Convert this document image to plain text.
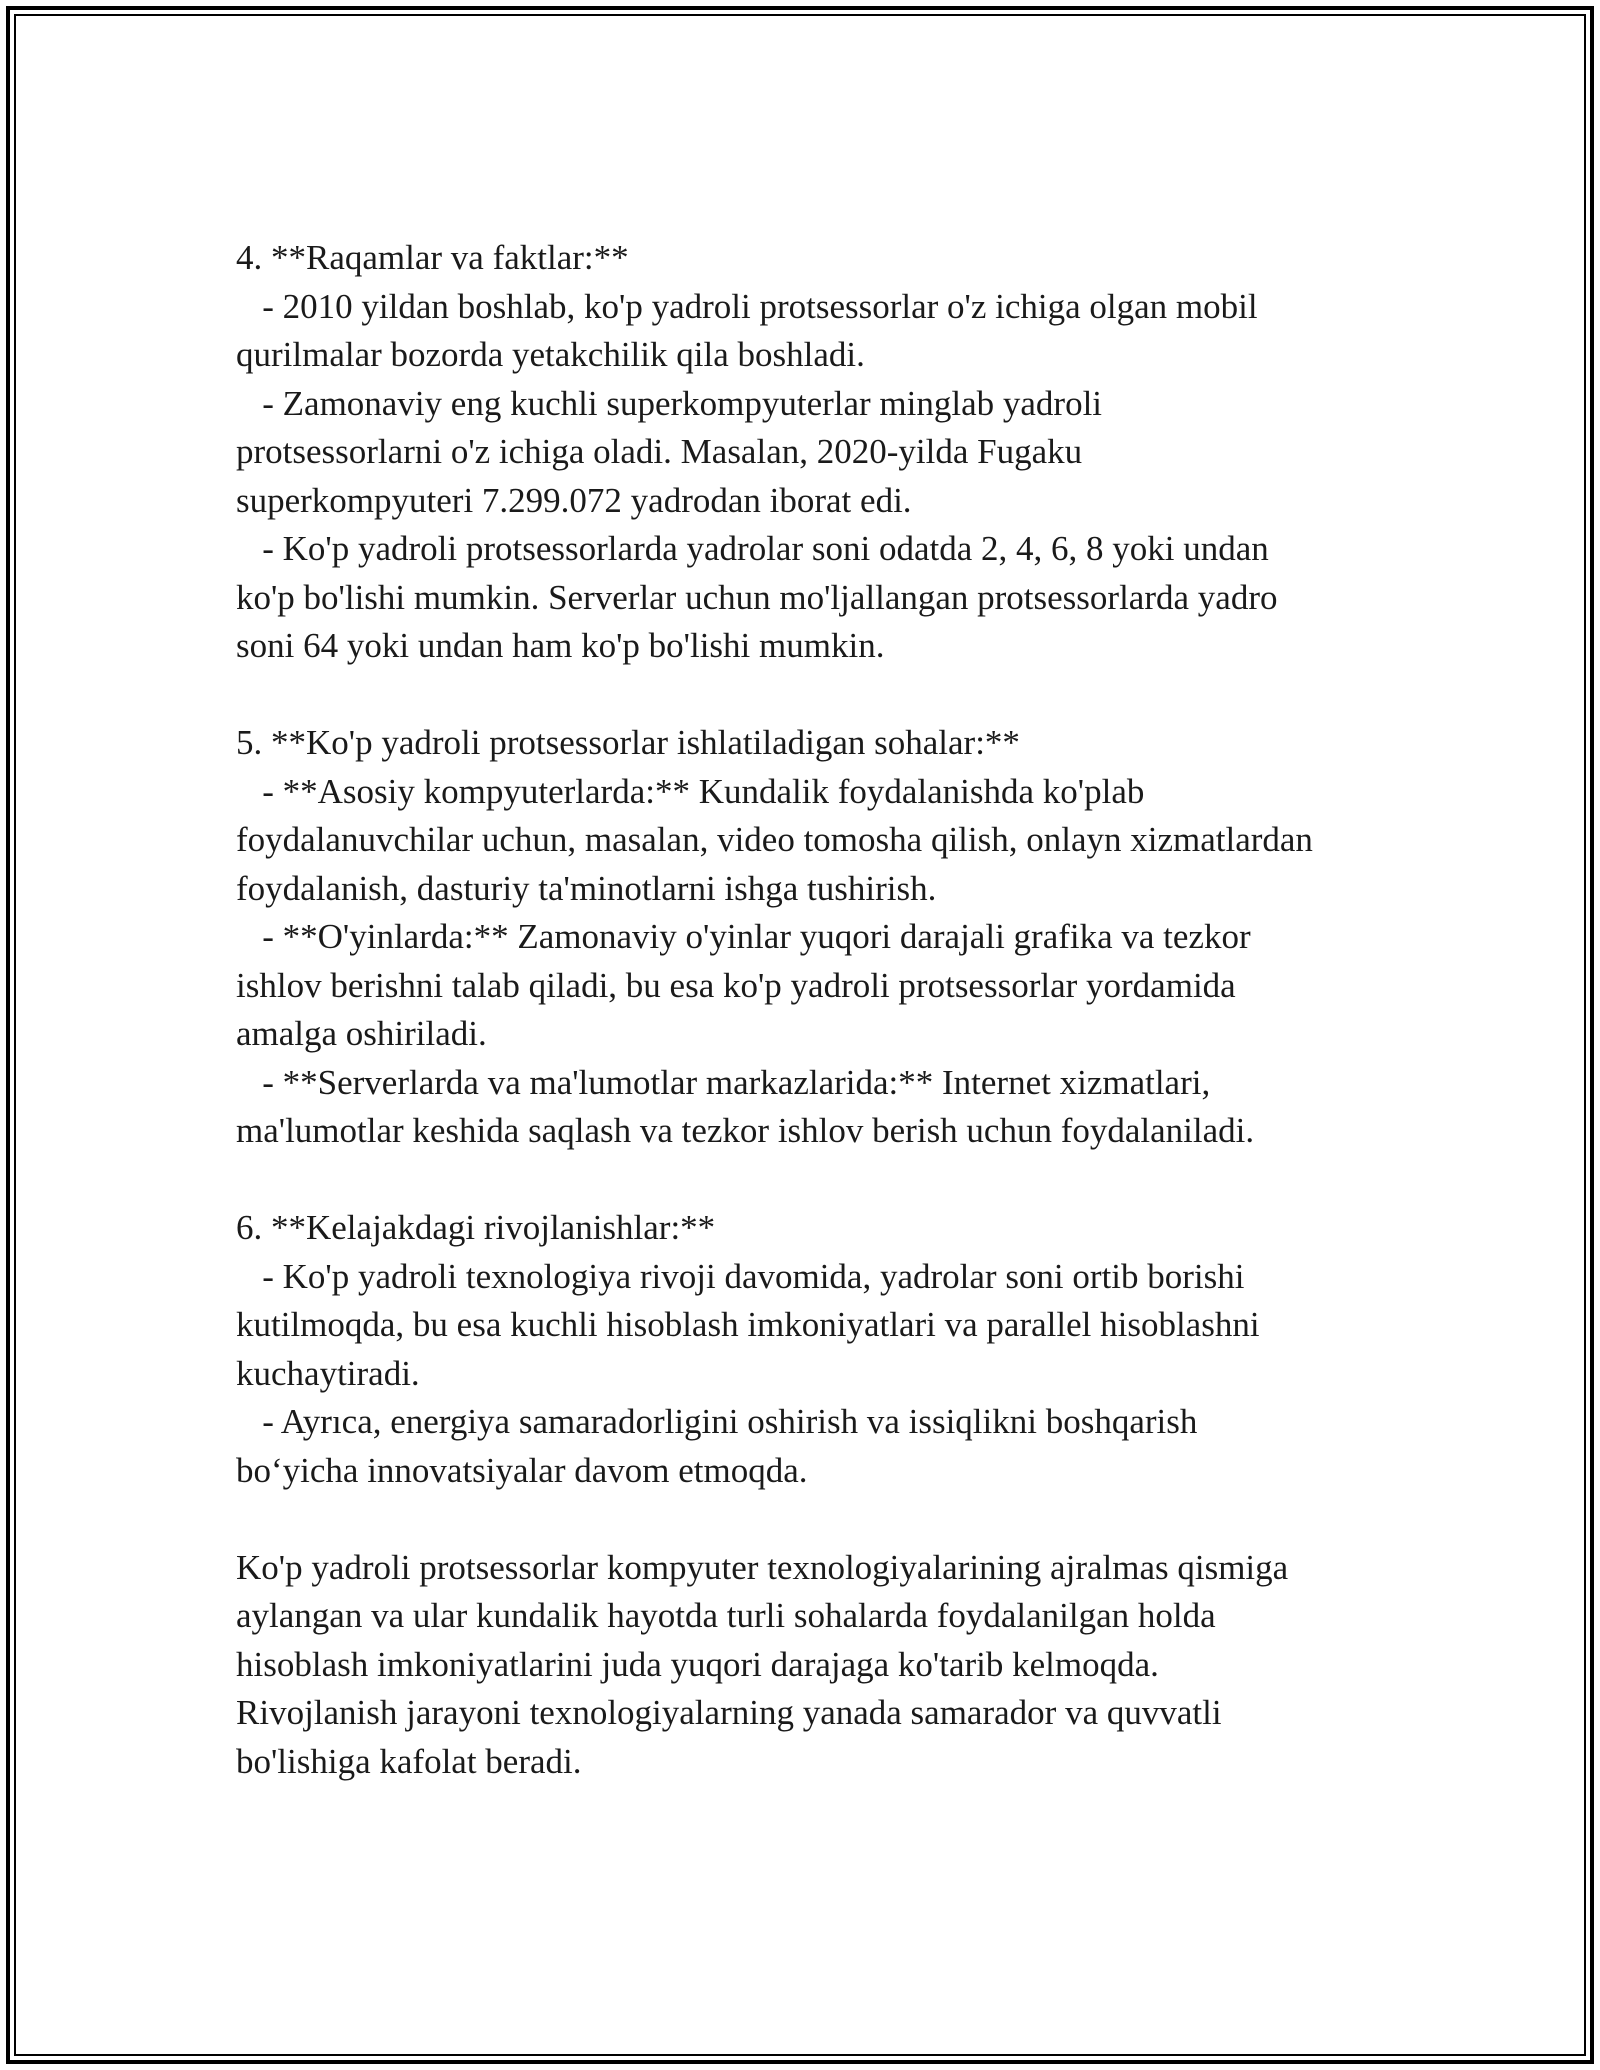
4. **Raqamlar va faktlar:**

- 2010 yildan boshlab, ko'p yadroli protsessorlar o'z ichiga olgan mobil
qurilmalar bozorda yetakchilik qila boshladi.

- Zamonaviy eng kuchli superkompyuterlar minglab yadroli
protsessorlarni o'z ichiga oladi. Masalan, 2020-yilda Fugaku
superkompyuteri 7.299.072 yadrodan iborat edi.

- Ko'p yadroli protsessorlarda yadrolar soni odatda 2, 4, 6, 8 yoki undan
ko'p bo'lishi mumkin. Serverlar uchun mo'ljallangan protsessorlarda yadro
soni 64 yoki undan ham ko'p bo'lishi mumkin.

5. **Ko'p yadroli protsessorlar ishlatiladigan sohalar:**

- **Asosiy kompyuterlarda:** Kundalik foydalanishda ko'plab
foydalanuvchilar uchun, masalan, video tomosha qilish, onlayn xizmatlardan
foydalanish, dasturiy ta'minotlarni ishga tushirish.

- **O'yinlarda:** Zamonaviy o'yinlar yuqori darajali grafika va tezkor
ishlov berishni talab qiladi, bu esa ko'p yadroli protsessorlar yordamida
amalga oshiriladi.

- **Serverlarda va ma'lumotlar markazlarida:** Internet xizmatlari,
ma'lumotlar keshida saqlash va tezkor ishlov berish uchun foydalaniladi.

6. **Kelajakdagi rivojlanishlar:**

- Ko'p yadroli texnologiya rivoji davomida, yadrolar soni ortib borishi
kutilmoqda, bu esa kuchli hisoblash imkoniyatlari va parallel hisoblashni
kuchaytiradi.

- Ayrıca, energiya samaradorligini oshirish va issiqlikni boshqarish
bo‘yicha innovatsiyalar davom etmoqda.

Ko'p yadroli protsessorlar kompyuter texnologiyalarining ajralmas qismiga
aylangan va ular kundalik hayotda turli sohalarda foydalanilgan holda
hisoblash imkoniyatlarini juda yuqori darajaga ko'tarib kelmoqda.
Rivojlanish jarayoni texnologiyalarning yanada samarador va quvvatli
bo'lishiga kafolat beradi.
